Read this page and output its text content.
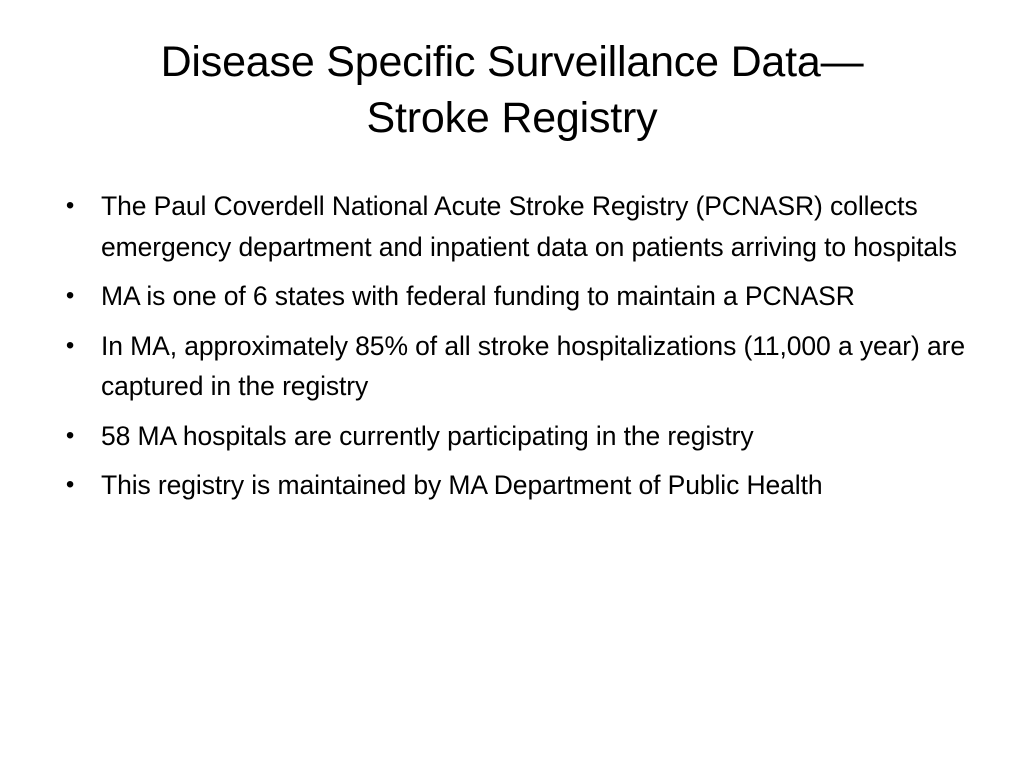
Disease Specific Surveillance Data—
Stroke Registry
• The Paul Coverdell National Acute Stroke Registry (PCNASR) collects emergency department and inpatient data on patients arriving to hospitals
• MA is one of 6 states with federal funding to maintain a PCNASR
• In MA, approximately 85% of all stroke hospitalizations (11,000 a year) are captured in the registry
• 58 MA hospitals are currently participating in the registry
• This registry is maintained by MA Department of Public Health
